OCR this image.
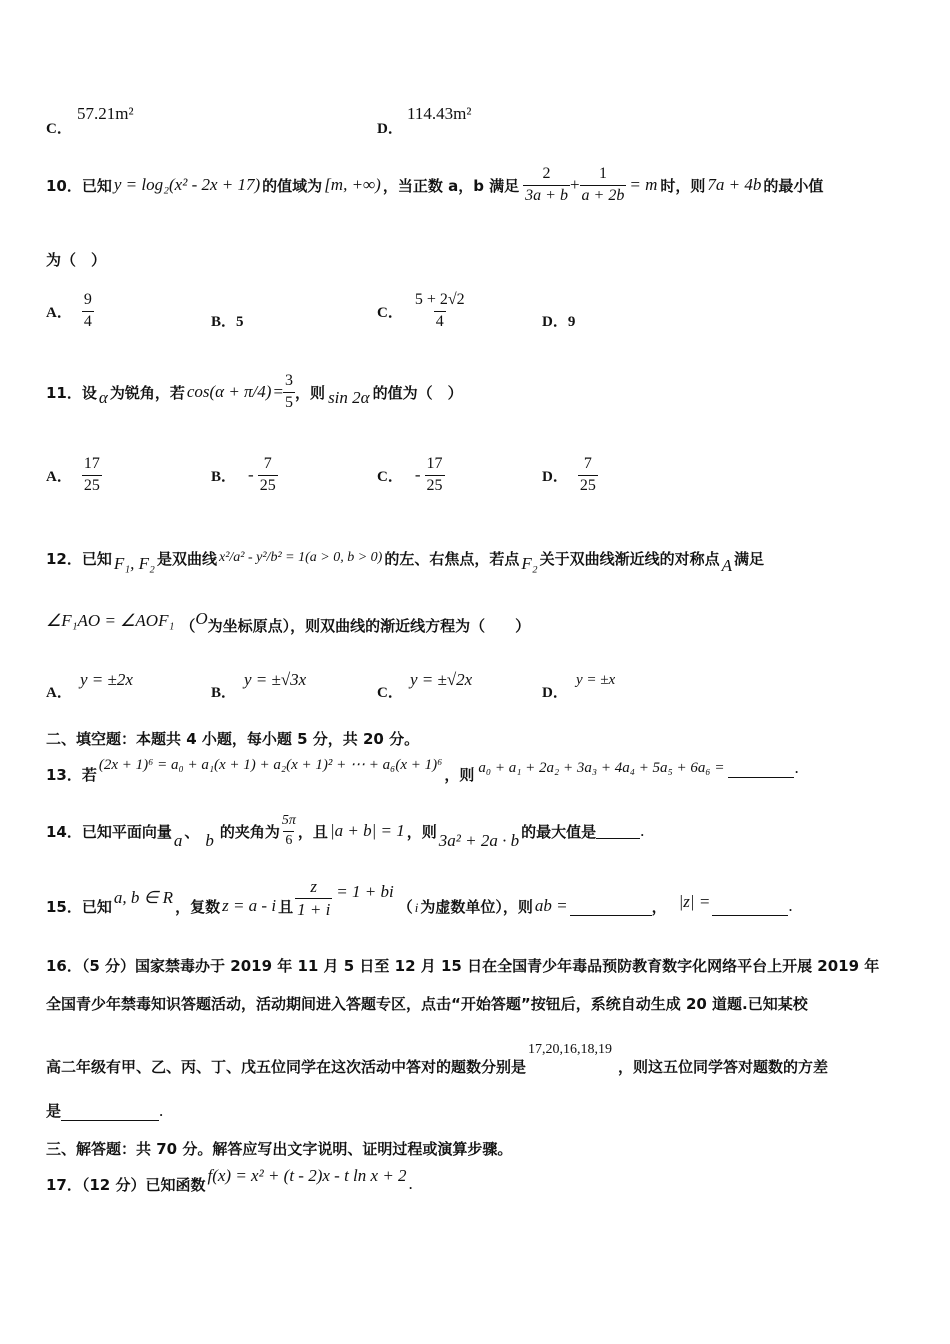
C．
57.21m²
D．
114.43m²
10．已知 y = log₂(x² - 2x + 17) 的值域为 [m, +∞) ，当正数 a，b 满足 $\frac{2}{3a + b} + \frac{1}{a + 2b} = m$ 时，则 7a + 4b 的最小值
为（　）
A． $\frac{9}{4}$	B．5
C． $\frac{5 + 2√2}{4}$	D．9
11．设 α 为锐角，若 $\cos(\alpha + \pi/4) = \frac{3}{5}$ ，则 sin 2α 的值为（　）
A． $\frac{17}{25}$	B． - $\frac{7}{25}$	C． - $\frac{17}{25}$	D． $\frac{7}{25}$
12．已知 F₁, F₂ 是双曲线 x²/a² - y²/b² = 1(a > 0, b > 0) 的左、右焦点，若点 F₂ 关于双曲线渐近线的对称点 A 满足
∠F₁AO = ∠AOF₁ （ O 为坐标原点），则双曲线的渐近线方程为（　　）
A．
y = ±2x
B．
y = ±√3x
C．
y = ±√2x
D．
y = ±x
二、填空题：本题共 4 小题，每小题 5 分，共 20 分。
13．若
(2x + 1)⁶ = a₀ + a₁(x + 1) + a₂(x + 1)² + ⋯ + a₆(x + 1)⁶
，则 a₀ + a₁ + 2a₂ + 3a₃ + 4a₄ + 5a₅ + 6a₆ =	.
14．已知平面向量 a 、 b 的夹角为 $\frac{5\pi}{6}$ ，且 |a + b| = 1 ，则 3a² + 2a · b 的最大值是	.
15．已知 a, b ∈ R ，复数 z = a - i 且 $\frac{z}{1 + i} = 1$ + bi
（ i 为虚数单位），则 ab =	， |z| =	.
16．（5 分）国家禁毒办于 2019 年 11 月 5 日至 12 月 15 日在全国青少年毒品预防教育数字化网络平台上开展 2019 年
全国青少年禁毒知识答题活动，活动期间进入答题专区，点击“开始答题”按钮后，系统自动生成 20 道题.已知某校
高二年级有甲、乙、丙、丁、戊五位同学在这次活动中答对的题数分别是
17,20,16,18,19
，则这五位同学答对题数的方差
是	.
三、解答题：共 70 分。解答应写出文字说明、证明过程或演算步骤。
17．（12 分）已知函数 f(x) = x² + (t - 2)x - t ln x + 2 .
